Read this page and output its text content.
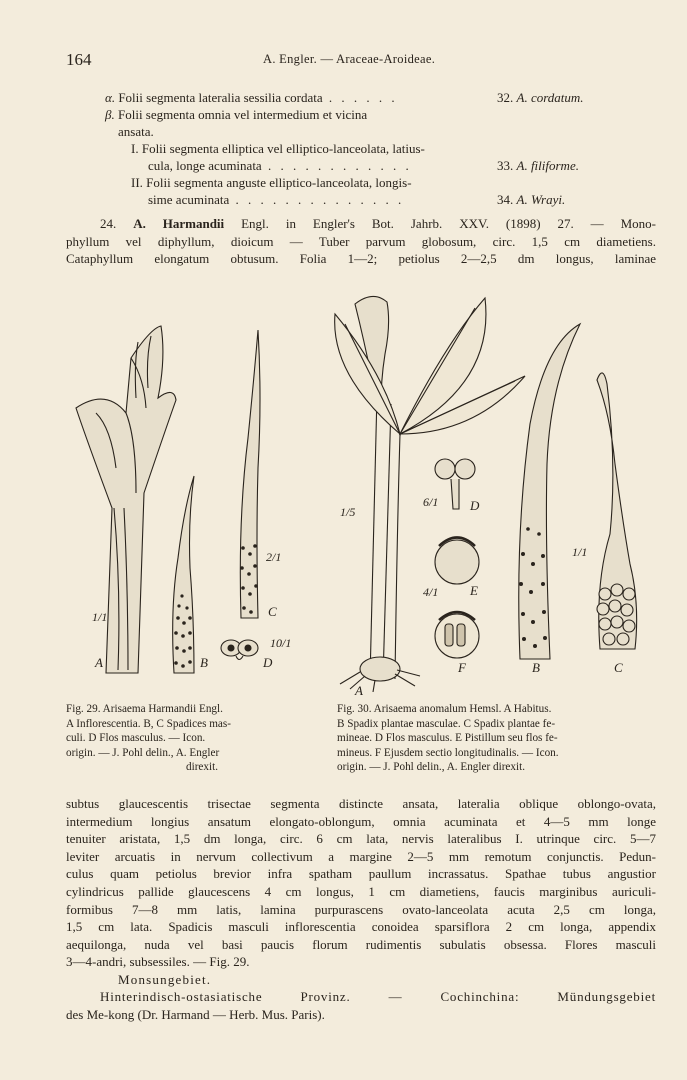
164	A. Engler. — Araceae-Aroideae.
α. Folii segmenta lateralia sessilia cordata . . . . . .	32. A. cordatum.
β. Folii segmenta omnia vel intermedium et vicina
ansata.
I. Folii segmenta elliptica vel elliptico-lanceolata, latius-
cula, longe acuminata . . . . . . . . . . . .	33. A. filiforme.
II. Folii segmenta anguste elliptico-lanceolata, longis-
sime acuminata . . . . . . . . . . . . . .	34. A. Wrayi.
24. A. Harmandii Engl. in Engler's Bot. Jahrb. XXV. (1898) 27. — Mono-
phyllum vel diphyllum, dioicum — Tuber parvum globosum, circ. 1,5 cm diametiens.
Cataphyllum elongatum obtusum. Folia 1—2; petiolus 2—2,5 dm longus, laminae
1/1
2/1
10/1
A	B
C
D
1/5
6/1
4/1
1/1
A
B	C
D
E
F
Fig. 29. Arisaema Harmandii Engl.
A Inflorescentia. B, C Spadices mas-
culi. D Flos masculus. — Icon.
origin. — J. Pohl delin., A. Engler
direxit.
Fig. 30. Arisaema anomalum Hemsl. A Habitus.
B Spadix plantae masculae. C Spadix plantae fe-
mineae. D Flos masculus. E Pistillum seu flos fe-
mineus. F Ejusdem sectio longitudinalis. — Icon.
origin. — J. Pohl delin., A. Engler direxit.
subtus glaucescentis trisectae segmenta distincte ansata, lateralia oblique oblongo-ovata,
intermedium longius ansatum elongato-oblongum, omnia acuminata et 4—5 mm longe
tenuiter aristata, 1,5 dm longa, circ. 6 cm lata, nervis lateralibus I. utrinque circ. 5—7
leviter arcuatis in nervum collectivum a margine 2—5 mm remotum conjunctis. Pedun-
culus quam petiolus brevior infra spatham paullum incrassatus. Spathae tubus angustior
cylindricus pallide glaucescens 4 cm longus, 1 cm diametiens, faucis marginibus auriculi-
formibus 7—8 mm latis, lamina purpurascens ovato-lanceolata acuta 2,5 cm longa,
1,5 cm lata. Spadicis masculi inflorescentia conoidea sparsiflora 2 cm longa, appendix
aequilonga, nuda vel basi paucis florum rudimentis subulatis obsessa. Flores masculi
3—4-andri, subsessiles. — Fig. 29.
Monsungebiet.
Hinterindisch-ostasiatische Provinz. — Cochinchina: Mündungsgebiet
des Me-kong (Dr. Harmand — Herb. Mus. Paris).
